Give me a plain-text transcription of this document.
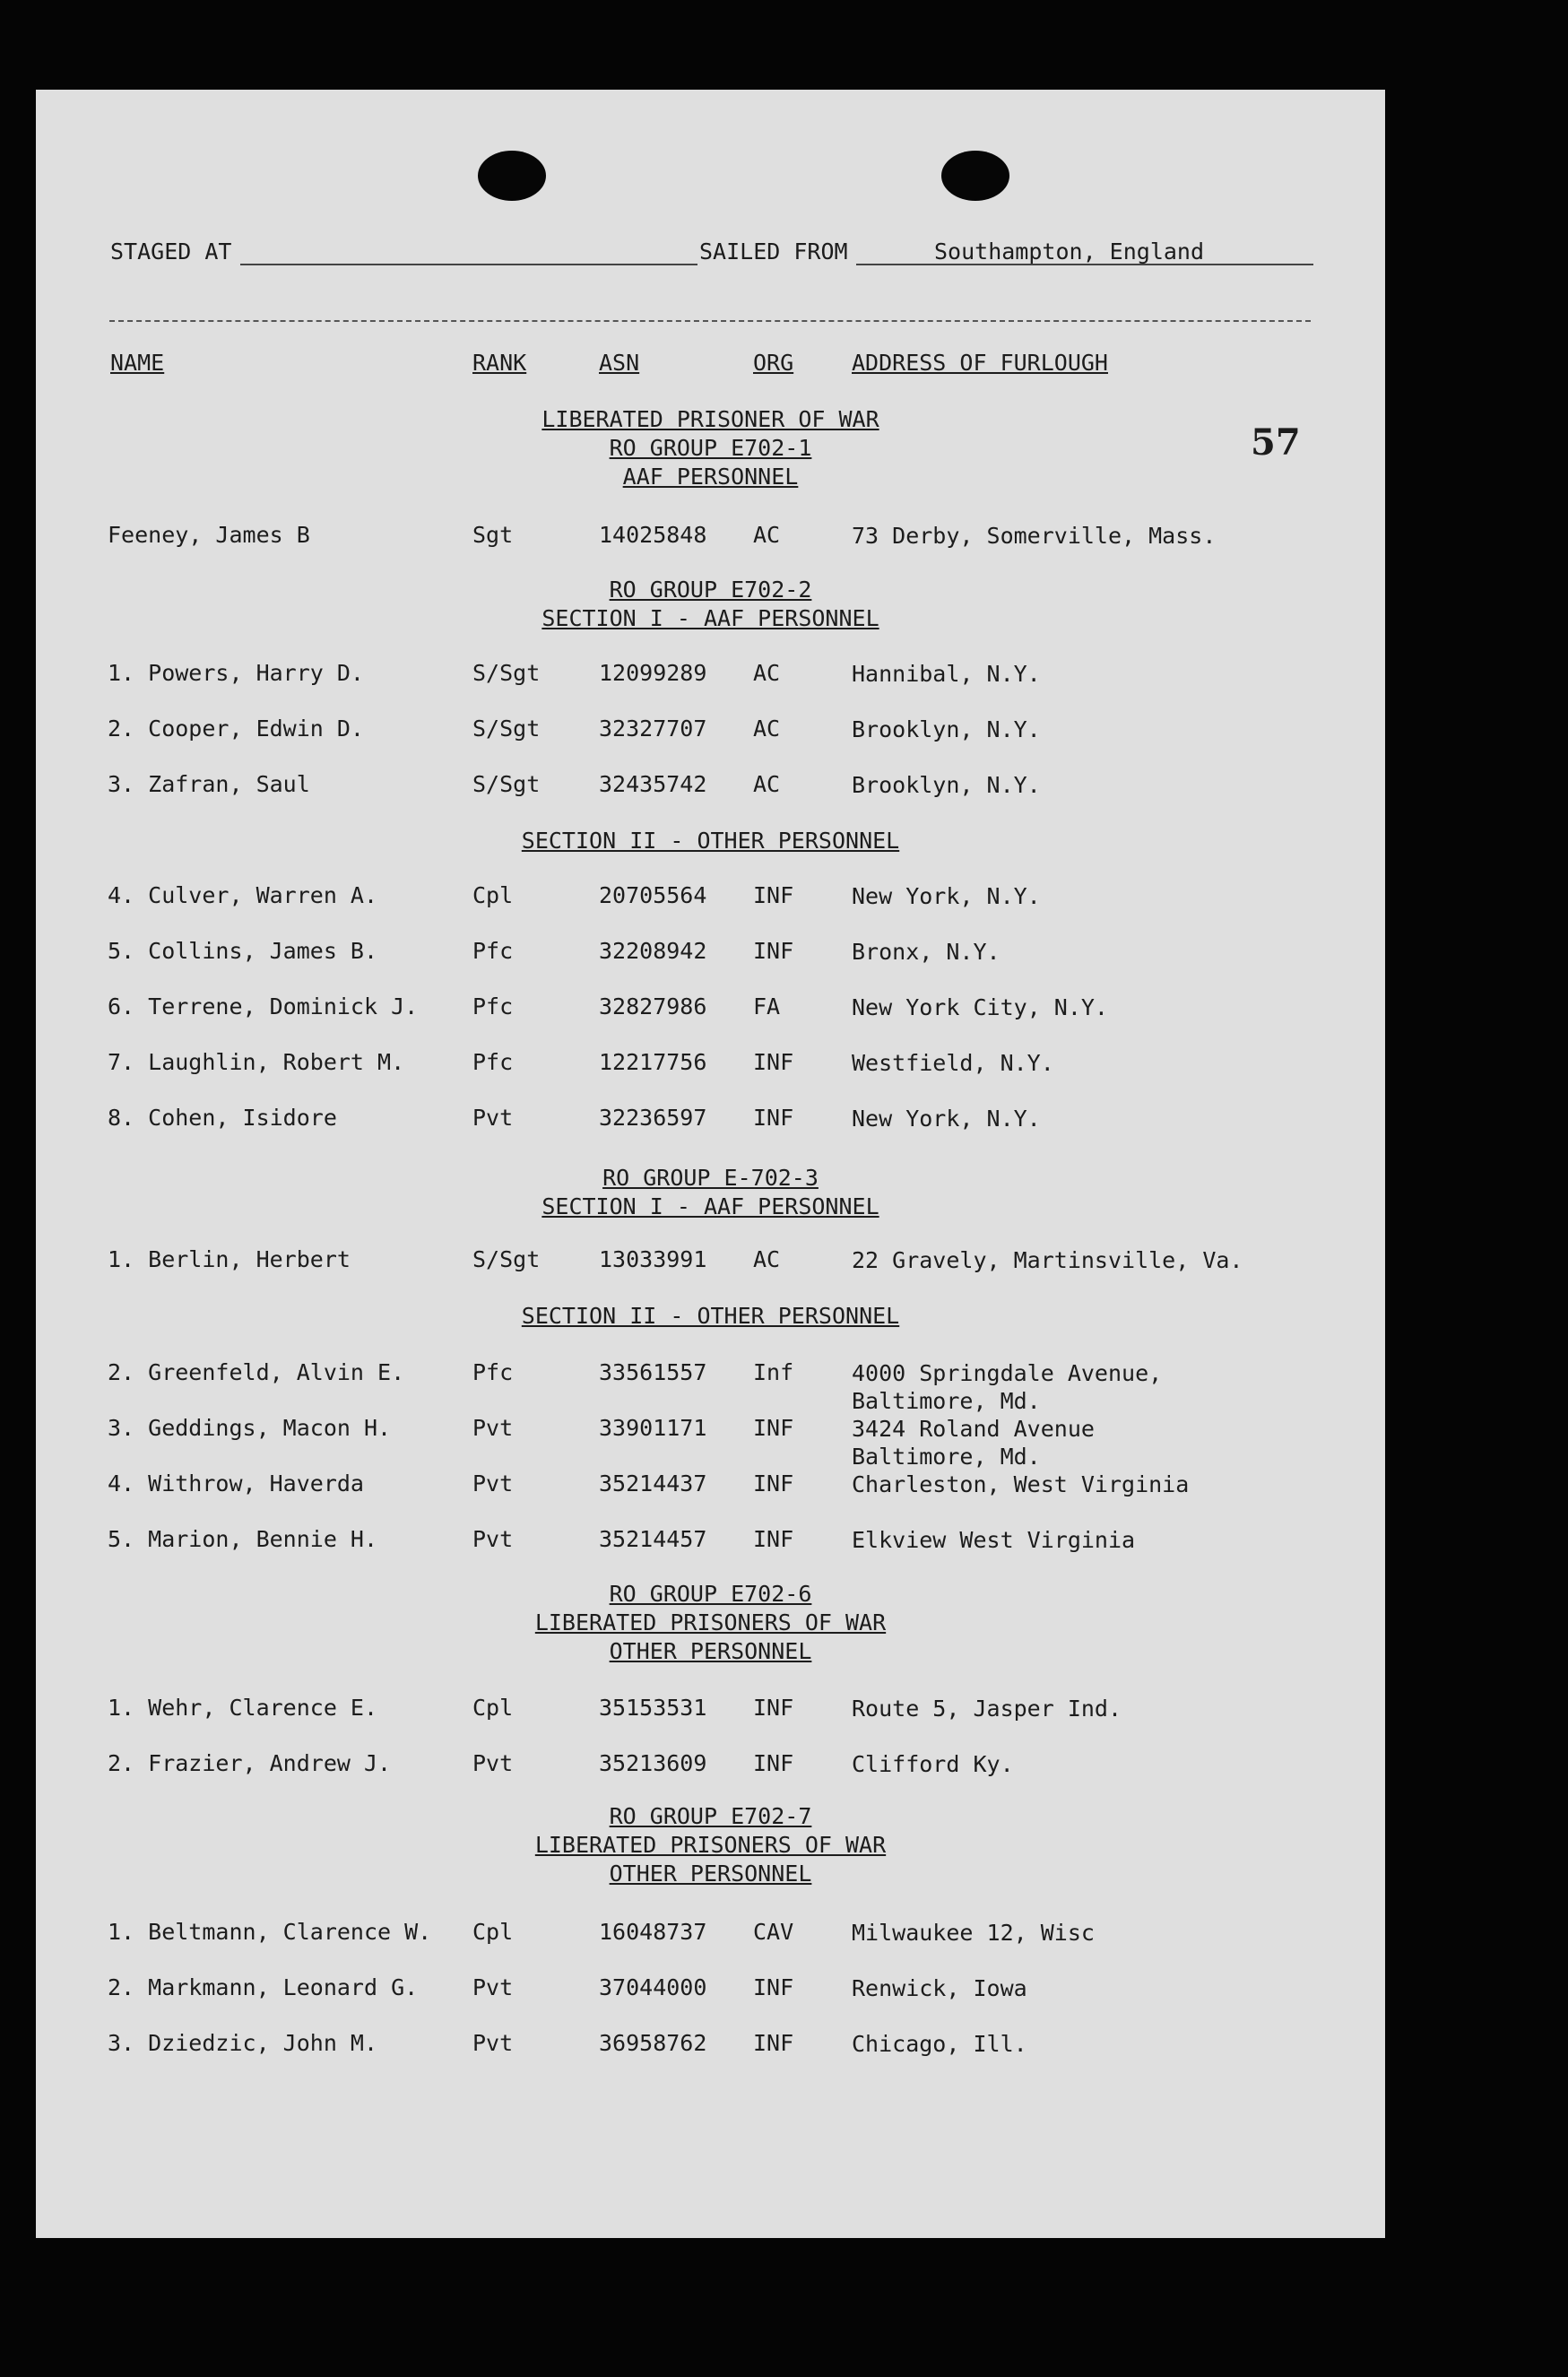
STAGED AT	SAILED FROM	Southampton, England
NAME	RANK	ASN	ORG	ADDRESS OF FURLOUGH
57
LIBERATED PRISONER OF WAR
RO GROUP E702-1
AAF PERSONNEL
Feeney, James B	Sgt	14025848 AC	73 Derby, Somerville, Mass.
RO GROUP E702-2
SECTION I - AAF PERSONNEL
1. Powers, Harry D.	S/Sgt	12099289 AC	Hannibal, N.Y.
2. Cooper, Edwin D.	S/Sgt	32327707 AC	Brooklyn, N.Y.
3. Zafran, Saul	S/Sgt	32435742 AC	Brooklyn, N.Y.
SECTION II - OTHER PERSONNEL
4. Culver, Warren A.	Cpl	20705564 INF	New York, N.Y.
5. Collins, James B.	Pfc	32208942 INF	Bronx, N.Y.
6. Terrene, Dominick J. Pfc	32827986 FA	New York City, N.Y.
7. Laughlin, Robert M.	Pfc	12217756 INF	Westfield, N.Y.
8. Cohen, Isidore	Pvt	32236597 INF	New York, N.Y.
RO GROUP E-702-3
SECTION I - AAF PERSONNEL
1. Berlin, Herbert	S/Sgt	13033991 AC	22 Gravely, Martinsville, Va.
SECTION II - OTHER PERSONNEL
2. Greenfeld, Alvin E.	Pfc	33561557 Inf	4000 Springdale Avenue,
Baltimore, Md.
3. Geddings, Macon H.	Pvt	33901171 INF	3424 Roland Avenue
Baltimore, Md.
4. Withrow, Haverda	Pvt	35214437 INF	Charleston, West Virginia
5. Marion, Bennie H.	Pvt	35214457 INF	Elkview West Virginia
RO GROUP E702-6
LIBERATED PRISONERS OF WAR
OTHER PERSONNEL
1. Wehr, Clarence E.	Cpl	35153531 INF	Route 5, Jasper Ind.
2. Frazier, Andrew J.	Pvt	35213609 INF	Clifford Ky.
RO GROUP E702-7
LIBERATED PRISONERS OF WAR
OTHER PERSONNEL
1. Beltmann, Clarence W. Cpl	16048737 CAV	Milwaukee 12, Wisc
2. Markmann, Leonard G. Pvt	37044000 INF	Renwick, Iowa
3. Dziedzic, John M.	Pvt	36958762 INF	Chicago, Ill.
